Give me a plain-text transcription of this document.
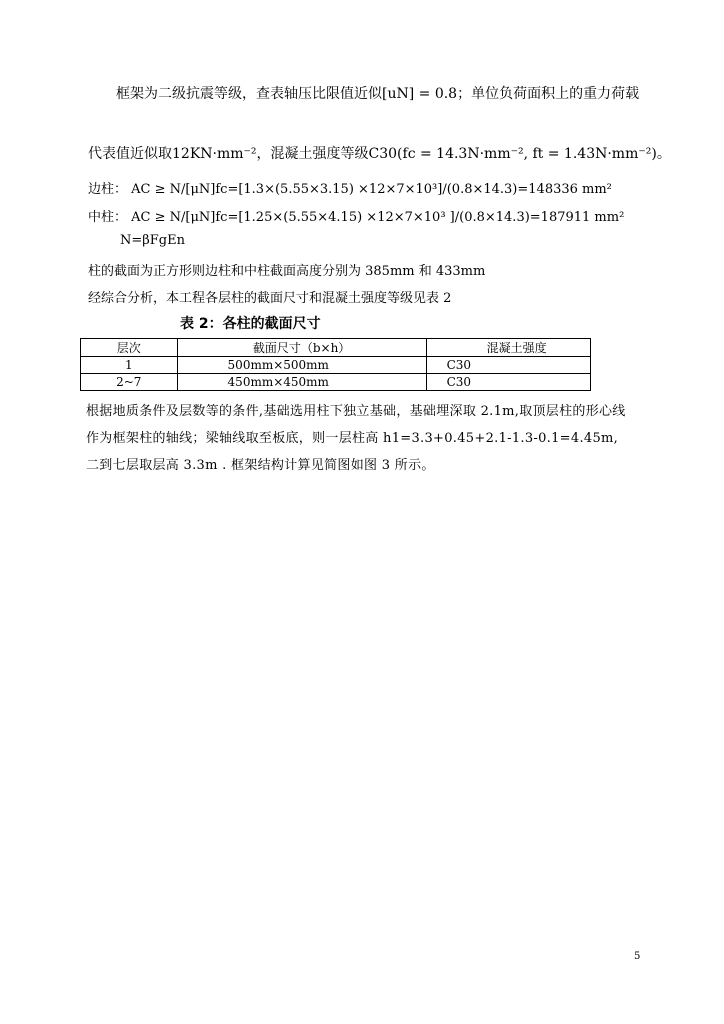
框架为二级抗震等级，查表轴压比限值近似[uN] = 0.8；单位负荷面积上的重力荷载
代表值近似取12KN·mm⁻²，混凝土强度等级C30(fc = 14.3N·mm⁻², ft = 1.43N·mm⁻²)。
边柱： AC ≥ N/[μN]fc=[1.3×(5.55×3.15) ×12×7×10³]/(0.8×14.3)=148336 mm²
中柱： AC ≥ N/[μN]fc=[1.25×(5.55×4.15) ×12×7×10³ ]/(0.8×14.3)=187911 mm²
N=βFgEn
柱的截面为正方形则边柱和中柱截面高度分别为 385mm 和 433mm
经综合分析，本工程各层柱的截面尺寸和混凝土强度等级见表 2
表 2：各柱的截面尺寸
层次	截面尺寸（b×h）	混凝土强度
1	500mm×500mm	C30
2~7	450mm×450mm	C30
根据地质条件及层数等的条件,基础选用柱下独立基础，基础埋深取 2.1m,取顶层柱的形心线作为框架柱的轴线；梁轴线取至板底，则一层柱高 h1=3.3+0.45+2.1-1.3-0.1=4.45m,二到七层取层高 3.3m . 框架结构计算见简图如图 3 所示。
5
